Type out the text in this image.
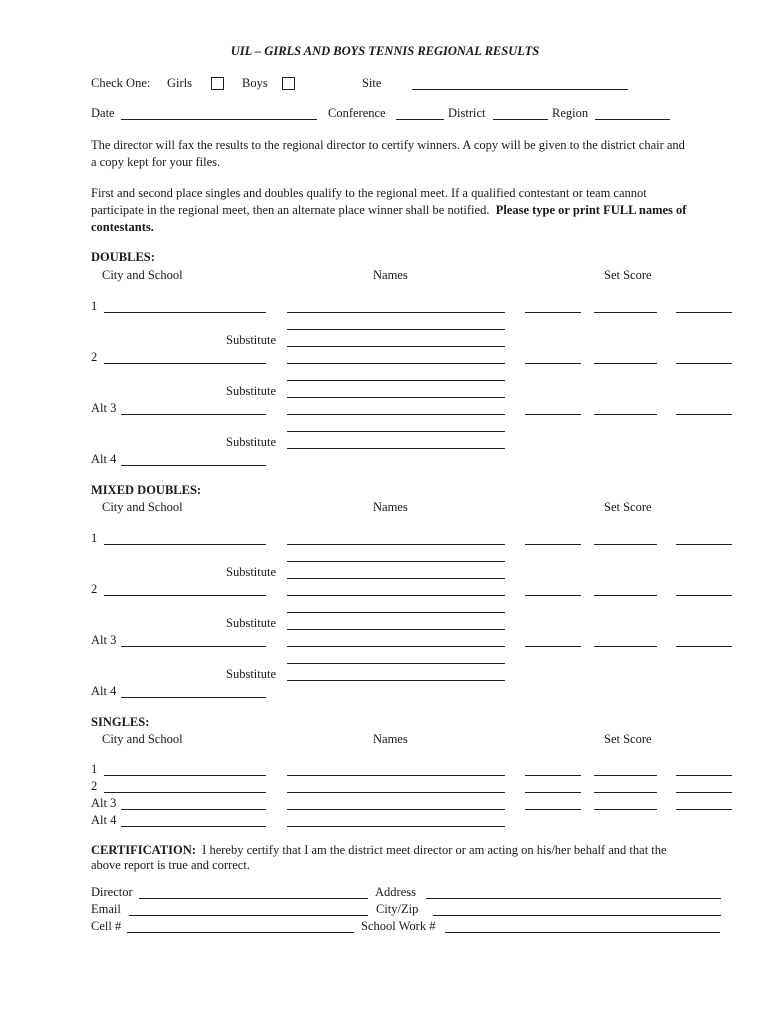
UIL – GIRLS AND BOYS TENNIS REGIONAL RESULTS
Check One: Girls	Boys	Site
Date	Conference	District	Region
The director will fax the results to the regional director to certify winners. A copy will be given to the district chair and a copy kept for your files.
First and second place singles and doubles qualify to the regional meet. If a qualified contestant or team cannot participate in the regional meet, then an alternate place winner shall be notified. Please type or print FULL names of contestants.
DOUBLES:
City and School	Names	Set Score
1
Substitute
2
Substitute
Alt 3
Substitute
Alt 4
MIXED DOUBLES:
City and School	Names	Set Score
1
Substitute
2
Substitute
Alt 3
Substitute
Alt 4
SINGLES:
City and School	Names	Set Score
1
2
Alt 3
Alt 4
CERTIFICATION: I hereby certify that I am the district meet director or am acting on his/her behalf and that the above report is true and correct.
Director	Address
Email	City/Zip
Cell #	School Work #
